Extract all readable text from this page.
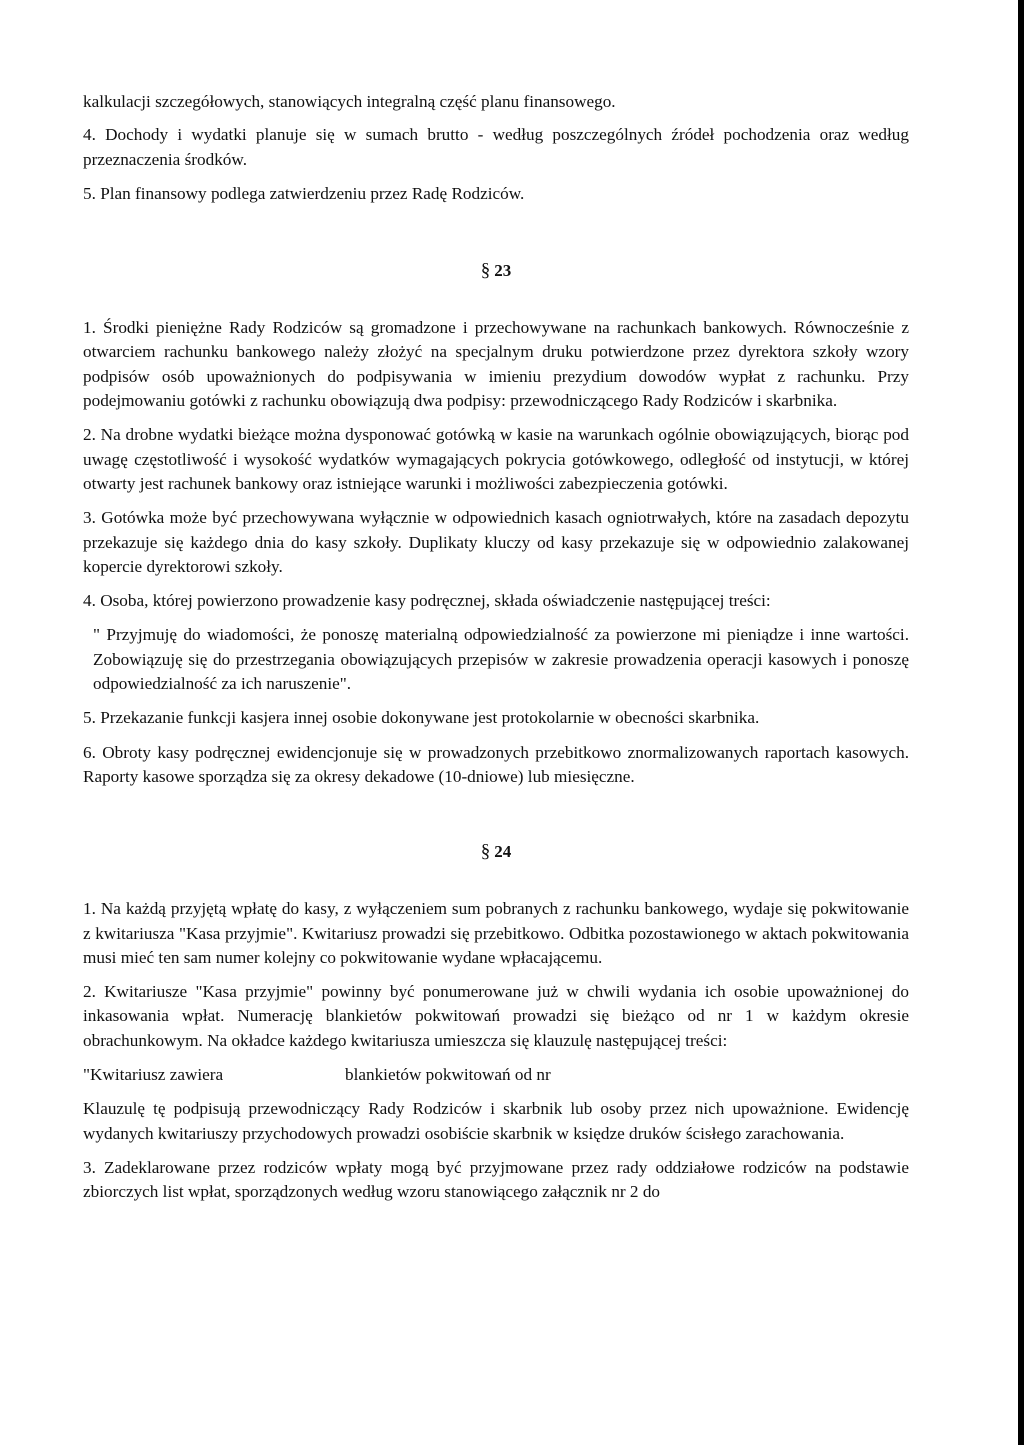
kalkulacji szczegółowych, stanowiących integralną część planu finansowego.

4. Dochody i wydatki planuje się w sumach brutto - według poszczególnych źródeł pochodzenia oraz według przeznaczenia środków.

5. Plan finansowy podlega zatwierdzeniu przez Radę Rodziców.

§ 23

1. Środki pieniężne Rady Rodziców są gromadzone i przechowywane na rachunkach bankowych. Równocześnie z otwarciem rachunku bankowego należy złożyć na specjalnym druku potwierdzone przez dyrektora szkoły wzory podpisów osób upoważnionych do podpisywania w imieniu prezydium dowodów wypłat z rachunku. Przy podejmowaniu gotówki z rachunku obowiązują dwa podpisy: przewodniczącego Rady Rodziców i skarbnika.

2. Na drobne wydatki bieżące można dysponować gotówką w kasie na warunkach ogólnie obowiązujących, biorąc pod uwagę częstotliwość i wysokość wydatków wymagających pokrycia gotówkowego, odległość od instytucji, w której otwarty jest rachunek bankowy oraz istniejące warunki i możliwości zabezpieczenia gotówki.

3. Gotówka może być przechowywana wyłącznie w odpowiednich kasach ogniotrwałych, które na zasadach depozytu przekazuje się każdego dnia do kasy szkoły. Duplikaty kluczy od kasy przekazuje się w odpowiednio zalakowanej kopercie dyrektorowi szkoły.

4. Osoba, której powierzono prowadzenie kasy podręcznej, składa oświadczenie następującej treści:

" Przyjmuję do wiadomości, że ponoszę materialną odpowiedzialność za powierzone mi pieniądze i inne wartości. Zobowiązuję się do przestrzegania obowiązujących przepisów w zakresie prowadzenia operacji kasowych i ponoszę odpowiedzialność za ich naruszenie".

5. Przekazanie funkcji kasjera innej osobie dokonywane jest protokolarnie w obecności skarbnika.

6. Obroty kasy podręcznej ewidencjonuje się w prowadzonych przebitkowo znormalizowanych raportach kasowych. Raporty kasowe sporządza się za okresy dekadowe (10-dniowe) lub miesięczne.

§ 24

1. Na każdą przyjętą wpłatę do kasy, z wyłączeniem sum pobranych z rachunku bankowego, wydaje się pokwitowanie z kwitariusza "Kasa przyjmie". Kwitariusz prowadzi się przebitkowo. Odbitka pozostawionego w aktach pokwitowania musi mieć ten sam numer kolejny co pokwitowanie wydane wpłacającemu.

2. Kwitariusze "Kasa przyjmie" powinny być ponumerowane już w chwili wydania ich osobie upoważnionej do inkasowania wpłat. Numerację blankietów pokwitowań prowadzi się bieżąco od nr 1 w każdym okresie obrachunkowym. Na okładce każdego kwitariusza umieszcza się klauzulę następującej treści:

"Kwitariusz zawiera	blankietów pokwitowań od nr

Klauzulę tę podpisują przewodniczący Rady Rodziców i skarbnik lub osoby przez nich upoważnione. Ewidencję wydanych kwitariuszy przychodowych prowadzi osobiście skarbnik w księdze druków ścisłego zarachowania.

3. Zadeklarowane przez rodziców wpłaty mogą być przyjmowane przez rady oddziałowe rodziców na podstawie zbiorczych list wpłat, sporządzonych według wzoru stanowiącego załącznik nr 2 do
